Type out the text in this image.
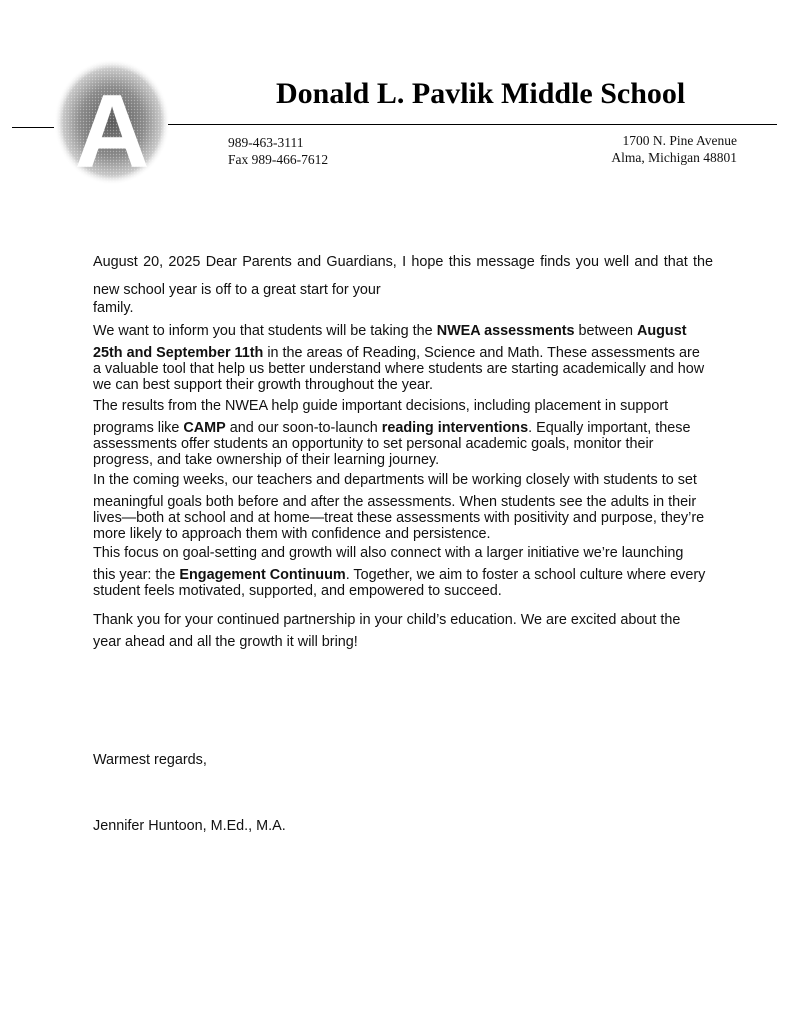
A	Donald L. Pavlik Middle School
989-463-3111
Fax 989-466-7612
1700 N. Pine Avenue
Alma, Michigan 48801
August 20, 2025 Dear Parents and Guardians, I hope this message finds you well and that the
new school year is off to a great start for your
family.
We want to inform you that students will be taking the NWEA assessments between August
25th and September 11th in the areas of Reading, Science and Math. These assessments are
a valuable tool that help us better understand where students are starting academically and how
we can best support their growth throughout the year.
The results from the NWEA help guide important decisions, including placement in support
programs like CAMP and our soon-to-launch reading interventions. Equally important, these
assessments offer students an opportunity to set personal academic goals, monitor their
progress, and take ownership of their learning journey.
In the coming weeks, our teachers and departments will be working closely with students to set
meaningful goals both before and after the assessments. When students see the adults in their
lives—both at school and at home—treat these assessments with positivity and purpose, they’re
more likely to approach them with confidence and persistence.
This focus on goal-setting and growth will also connect with a larger initiative we’re launching
this year: the Engagement Continuum. Together, we aim to foster a school culture where every
student feels motivated, supported, and empowered to succeed.
Thank you for your continued partnership in your child’s education. We are excited about the
year ahead and all the growth it will bring!
Warmest regards,
Jennifer Huntoon, M.Ed., M.A.
